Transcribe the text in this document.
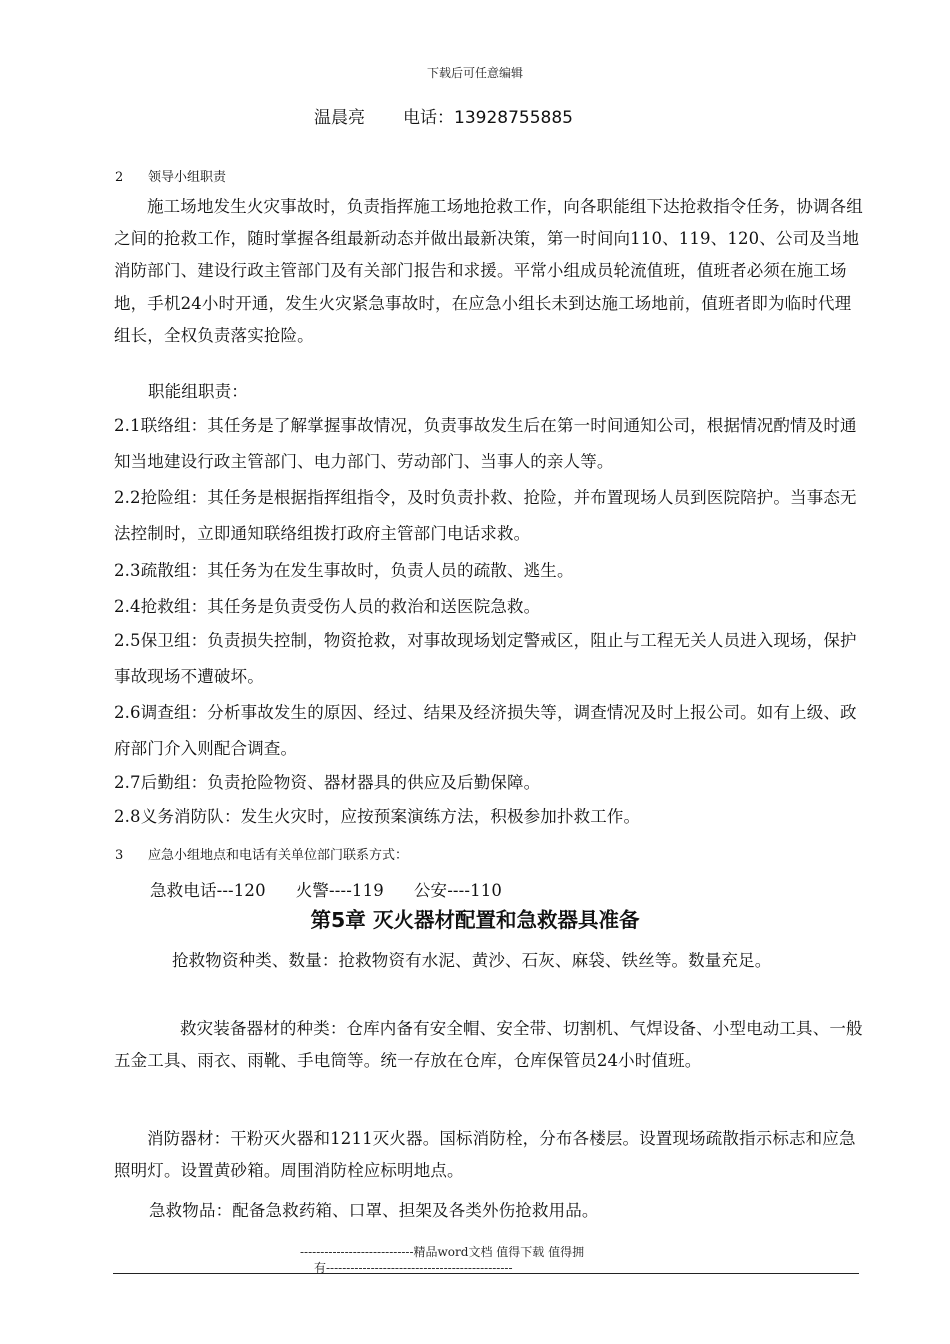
下载后可任意编辑
温晨亮 电话：13928755885
2 领导小组职责

施工场地发生火灾事故时，负责指挥施工场地抢救工作，向各职能组下达抢救指令任务，协调各组之间的抢救工作，随时掌握各组最新动态并做出最新决策，第一时间向110、119、120、公司及当地消防部门、建设行政主管部门及有关部门报告和求援。平常小组成员轮流值班，值班者必须在施工场地，手机24小时开通，发生火灾紧急事故时，在应急小组长未到达施工场地前，值班者即为临时代理组长，全权负责落实抢险。

职能组职责：

2.1联络组：其任务是了解掌握事故情况，负责事故发生后在第一时间通知公司，根据情况酌情及时通知当地建设行政主管部门、电力部门、劳动部门、当事人的亲人等。

2.2抢险组：其任务是根据指挥组指令，及时负责扑救、抢险，并布置现场人员到医院陪护。当事态无法控制时，立即通知联络组拨打政府主管部门电话求救。

2.3疏散组：其任务为在发生事故时，负责人员的疏散、逃生。

2.4抢救组：其任务是负责受伤人员的救治和送医院急救。

2.5保卫组：负责损失控制，物资抢救，对事故现场划定警戒区，阻止与工程无关人员进入现场，保护事故现场不遭破坏。

2.6调查组：分析事故发生的原因、经过、结果及经济损失等，调查情况及时上报公司。如有上级、政府部门介入则配合调查。

2.7后勤组：负责抢险物资、器材器具的供应及后勤保障。

2.8义务消防队：发生火灾时，应按预案演练方法，积极参加扑救工作。

3 应急小组地点和电话有关单位部门联系方式：
急救电话---120 火警----119 公安----110
第5章 灭火器材配置和急救器具准备
抢救物资种类、数量：抢救物资有水泥、黄沙、石灰、麻袋、铁丝等。数量充足。

救灾装备器材的种类：仓库内备有安全帽、安全带、切割机、气焊设备、小型电动工具、一般五金工具、雨衣、雨靴、手电筒等。统一存放在仓库，仓库保管员24小时值班。

消防器材：干粉灭火器和1211灭火器。国标消防栓，分布各楼层。设置现场疏散指示标志和应急照明灯。设置黄砂箱。周围消防栓应标明地点。

急救物品：配备急救药箱、口罩、担架及各类外伤抢救用品。
----------------------------精品word文档 值得下载 值得拥
有----------------------------------------------
